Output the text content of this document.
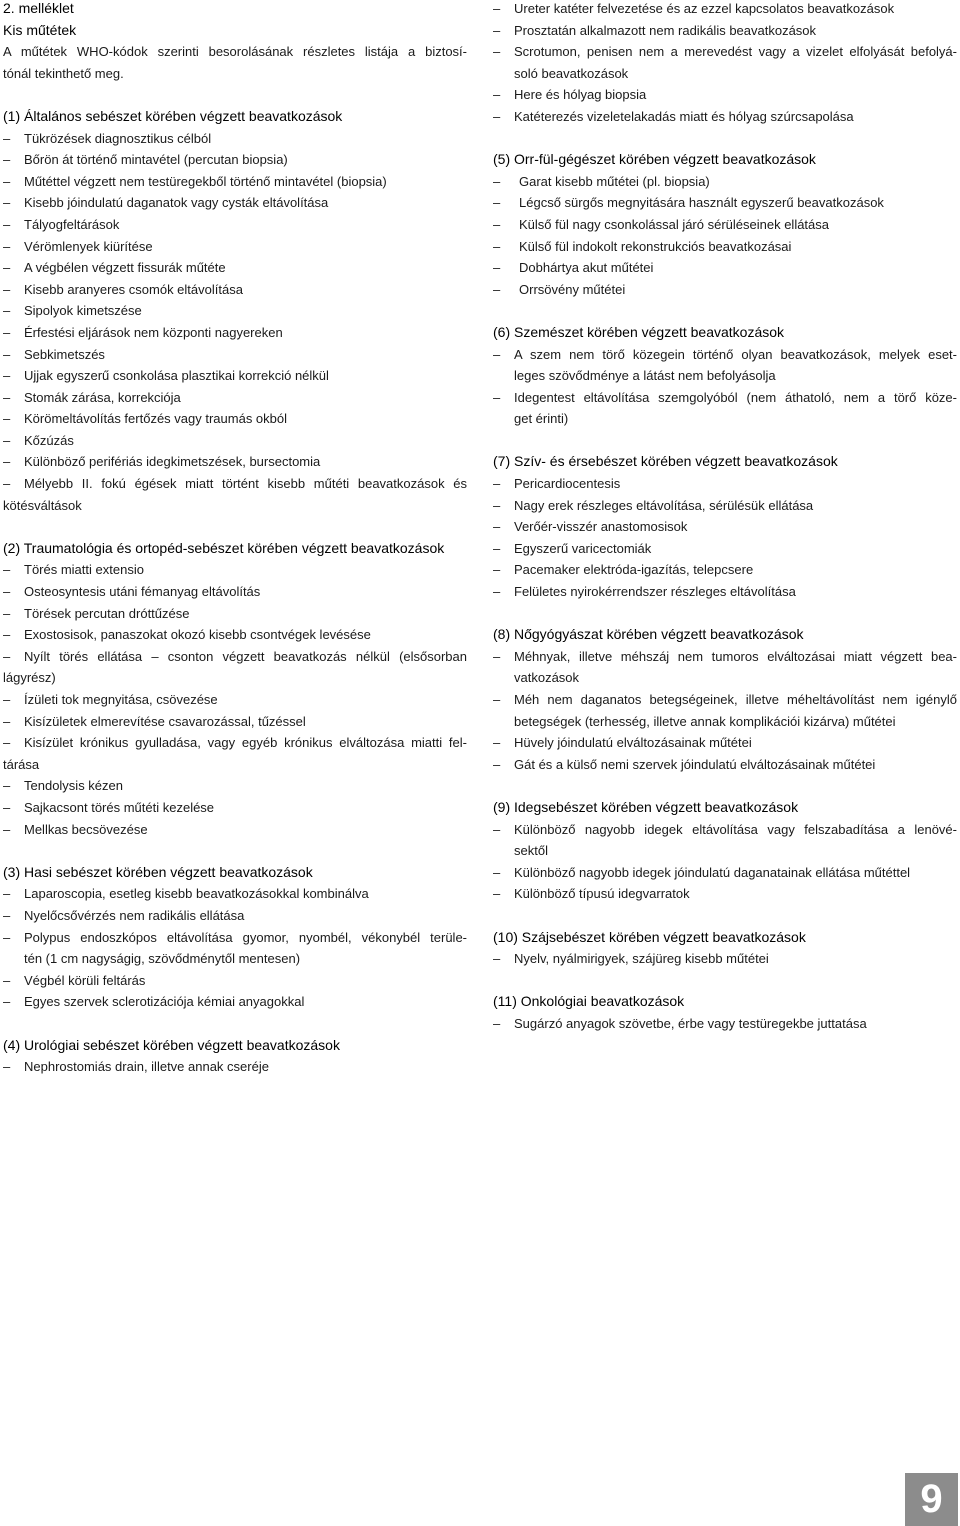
2. melléklet
Kis műtétek
A műtétek WHO-kódok szerinti besorolásának részletes listája a biztosí-
tónál tekinthető meg.
(1) Általános sebészet körében végzett beavatkozások
– Tükrözések diagnosztikus célból
– Bőrön át történő mintavétel (percutan biopsia)
– Műtéttel végzett nem testüregekből történő mintavétel (biopsia)
– Kisebb jóindulatú daganatok vagy cysták eltávolítása
– Tályogfeltárások
– Vérömlenyek kiürítése
– A végbélen végzett fissurák műtéte
– Kisebb aranyeres csomók eltávolítása
– Sipolyok kimetszése
– Érfestési eljárások nem központi nagyereken
– Sebkimetszés
– Ujjak egyszerű csonkolása plasztikai korrekció nélkül
– Stomák zárása, korrekciója
– Körömeltávolítás fertőzés vagy traumás okból
– Kőzúzás
– Különböző perifériás idegkimetszések, bursectomia
– Mélyebb II. fokú égések miatt történt kisebb műtéti beavatkozások és
kötésváltások
(2) Traumatológia és ortopéd-sebészet körében végzett beavatkozások
– Törés miatti extensio
– Osteosyntesis utáni fémanyag eltávolítás
– Törések percutan dróttűzése
– Exostosisok, panaszokat okozó kisebb csontvégek levésése
– Nyílt törés ellátása – csonton végzett beavatkozás nélkül (elsősorban
lágyrész)
– Ízületi tok megnyitása, csövezése
– Kisízületek elmerevítése csavarozással, tűzéssel
– Kisízület krónikus gyulladása, vagy egyéb krónikus elváltozása miatti fel-
tárása
– Tendolysis kézen
– Sajkacsont törés műtéti kezelése
– Mellkas becsövezése
(3) Hasi sebészet körében végzett beavatkozások
– Laparoscopia, esetleg kisebb beavatkozásokkal kombinálva
– Nyelőcsővérzés nem radikális ellátása
– Polypus endoszkópos eltávolítása gyomor, nyombél, vékonybél terüle-
tén (1 cm nagyságig, szövődménytől mentesen)
– Végbél körüli feltárás
– Egyes szervek sclerotizációja kémiai anyagokkal
(4) Urológiai sebészet körében végzett beavatkozások
– Nephrostomiás drain, illetve annak cseréje
– Ureter katéter felvezetése és az ezzel kapcsolatos beavatkozások
– Prosztatán alkalmazott nem radikális beavatkozások
– Scrotumon, penisen nem a merevedést vagy a vizelet elfolyását befolyá-
soló beavatkozások
– Here és hólyag biopsia
– Katéterezés vizeletelakadás miatt és hólyag szúrcsapolása
(5) Orr-fül-gégészet körében végzett beavatkozások
– Garat kisebb műtétei (pl. biopsia)
– Légcső sürgős megnyitására használt egyszerű beavatkozások
– Külső fül nagy csonkolással járó sérüléseinek ellátása
– Külső fül indokolt rekonstrukciós beavatkozásai
– Dobhártya akut műtétei
– Orrsövény műtétei
(6) Szemészet körében végzett beavatkozások
– A szem nem törő közegein történő olyan beavatkozások, melyek eset-
leges szövődménye a látást nem befolyásolja
– Idegentest eltávolítása szemgolyóból (nem áthatoló, nem a törő köze-
get érinti)
(7) Szív- és érsebészet körében végzett beavatkozások
– Pericardiocentesis
– Nagy erek részleges eltávolítása, sérülésük ellátása
– Verőér-visszér anastomosisok
– Egyszerű varicectomiák
– Pacemaker elektróda-igazítás, telepcsere
– Felületes nyirokérrendszer részleges eltávolítása
(8) Nőgyógyászat körében végzett beavatkozások
– Méhnyak, illetve méhszáj nem tumoros elváltozásai miatt végzett bea-
vatkozások
– Méh nem daganatos betegségeinek, illetve méheltávolítást nem igénylő
betegségek (terhesség, illetve annak komplikációi kizárva) műtétei
– Hüvely jóindulatú elváltozásainak műtétei
– Gát és a külső nemi szervek jóindulatú elváltozásainak műtétei
(9) Idegsebészet körében végzett beavatkozások
– Különböző nagyobb idegek eltávolítása vagy felszabadítása a lenövé-
sektől
– Különböző nagyobb idegek jóindulatú daganatainak ellátása műtéttel
– Különböző típusú idegvarratok
(10) Szájsebészet körében végzett beavatkozások
– Nyelv, nyálmirigyek, szájüreg kisebb műtétei
(11) Onkológiai beavatkozások
– Sugárzó anyagok szövetbe, érbe vagy testüregekbe juttatása
9
